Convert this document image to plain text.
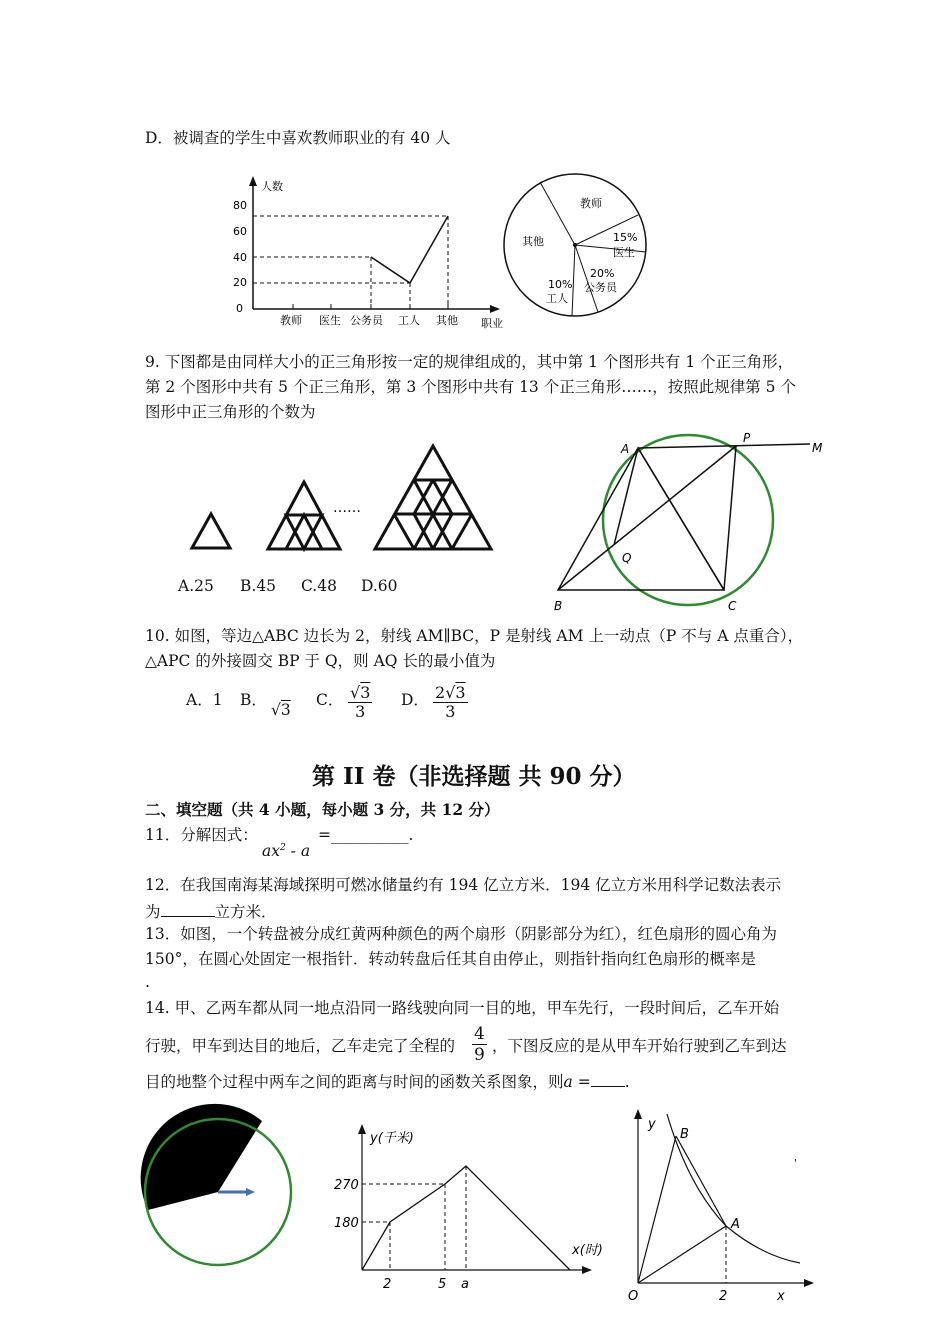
D．被调查的学生中喜欢教师职业的有 40 人
人数
职业
0
20
40
60
80
教师 医生 公务员 工人 其他
教师
其他	15%
医生
20%
公务员
10%
工人
9. 下图都是由同样大小的正三角形按一定的规律组成的，其中第 1 个图形共有 1 个正三角形，
第 2 个图形中共有 5 个正三角形，第 3 个图形中共有 13 个正三角形……，按照此规律第 5 个
图形中正三角形的个数为
……
A.25 B.45 C.48 D.60
A
P
M
Q
B	C
10. 如图，等边△ABC 边长为 2，射线 AM∥BC，P 是射线 AM 上一动点（P 不与 A 点重合），
△APC 的外接圆交 BP 于 Q，则 AQ 长的最小值为
A．1 B．
√3
C． $\frac{√3}{3}$ D． $\frac{2√3}{3}$
第 II 卷（非选择题 共 90 分）
二、填空题（共 4 小题，每小题 3 分，共 12 分）
11．分解因式：
$ax^2$ - a
=__________.
12．在我国南海某海域探明可燃冰储量约有 194 亿立方米．194 亿立方米用科学记数法表示
为	立方米．
13．如图，一个转盘被分成红黄两种颜色的两个扇形（阴影部分为红），红色扇形的圆心角为
150°，在圆心处固定一根指针．转动转盘后任其自由停止，则指针指向红色扇形的概率是
.
14. 甲、乙两车都从同一地点沿同一路线驶向同一目的地，甲车先行，一段时间后，乙车开始
行驶，甲车到达目的地后，乙车走完了全程的 $\frac{4}{9}$ ，下图反应的是从甲车开始行驶到乙车到达
目的地整个过程中两车之间的距离与时间的函数关系图象，则a = .
y(千米)
x(时)
270
180
2	5 a
y
x
O
B
A
2
'
